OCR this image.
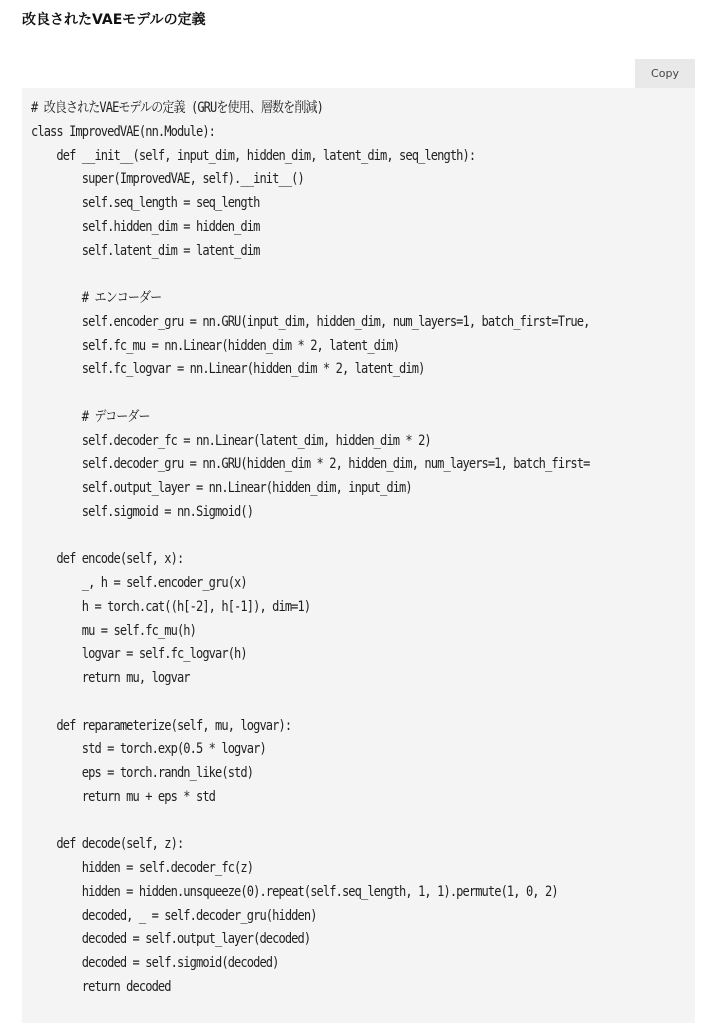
改良されたVAEモデルの定義
Copy
# 改良されたVAEモデルの定義 (GRUを使用、層数を削減)
class ImprovedVAE(nn.Module):
def __init__(self, input_dim, hidden_dim, latent_dim, seq_length):
super(ImprovedVAE, self).__init__()
self.seq_length = seq_length
self.hidden_dim = hidden_dim
self.latent_dim = latent_dim
# エンコーダー
self.encoder_gru = nn.GRU(input_dim, hidden_dim, num_layers=1, batch_first=True,
self.fc_mu = nn.Linear(hidden_dim * 2, latent_dim)
self.fc_logvar = nn.Linear(hidden_dim * 2, latent_dim)
# デコーダー
self.decoder_fc = nn.Linear(latent_dim, hidden_dim * 2)
self.decoder_gru = nn.GRU(hidden_dim * 2, hidden_dim, num_layers=1, batch_first=
self.output_layer = nn.Linear(hidden_dim, input_dim)
self.sigmoid = nn.Sigmoid()
def encode(self, x):
_, h = self.encoder_gru(x)
h = torch.cat((h[-2], h[-1]), dim=1)
mu = self.fc_mu(h)
logvar = self.fc_logvar(h)
return mu, logvar
def reparameterize(self, mu, logvar):
std = torch.exp(0.5 * logvar)
eps = torch.randn_like(std)
return mu + eps * std
def decode(self, z):
hidden = self.decoder_fc(z)
hidden = hidden.unsqueeze(0).repeat(self.seq_length, 1, 1).permute(1, 0, 2)
decoded, _ = self.decoder_gru(hidden)
decoded = self.output_layer(decoded)
decoded = self.sigmoid(decoded)
return decoded
